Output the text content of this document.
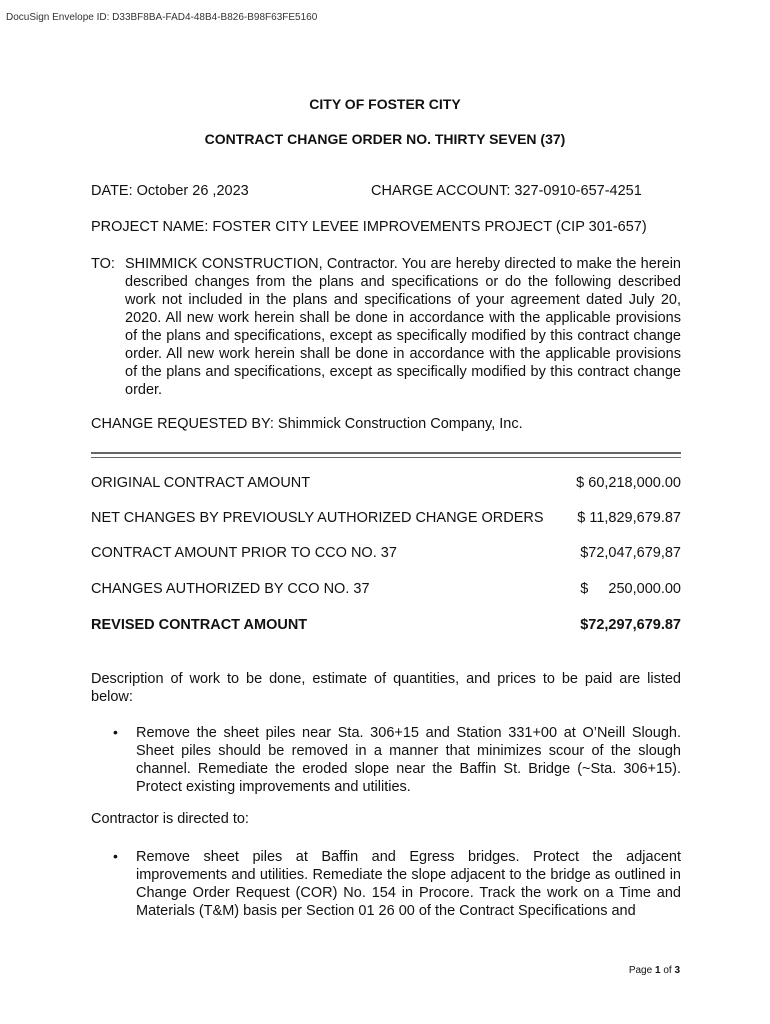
DocuSign Envelope ID: D33BF8BA-FAD4-48B4-B826-B98F63FE5160
CITY OF FOSTER CITY
CONTRACT CHANGE ORDER NO. THIRTY SEVEN (37)
DATE: October 26 ,2023	CHARGE ACCOUNT: 327-0910-657-4251
PROJECT NAME: FOSTER CITY LEVEE IMPROVEMENTS PROJECT (CIP 301-657)
TO: SHIMMICK CONSTRUCTION, Contractor. You are hereby directed to make the herein described changes from the plans and specifications or do the following described work not included in the plans and specifications of your agreement dated July 20, 2020. All new work herein shall be done in accordance with the applicable provisions of the plans and specifications, except as specifically modified by this contract change order. All new work herein shall be done in accordance with the applicable provisions of the plans and specifications, except as specifically modified by this contract change order.
CHANGE REQUESTED BY: Shimmick Construction Company, Inc.
ORIGINAL CONTRACT AMOUNT	$ 60,218,000.00
NET CHANGES BY PREVIOUSLY AUTHORIZED CHANGE ORDERS $ 11,829,679.87
CONTRACT AMOUNT PRIOR TO CCO NO. 37	$72,047,679,87
CHANGES AUTHORIZED BY CCO NO. 37	$     250,000.00
REVISED CONTRACT AMOUNT	$72,297,679.87
Description of work to be done, estimate of quantities, and prices to be paid are listed below:
• Remove the sheet piles near Sta. 306+15 and Station 331+00 at O’Neill Slough. Sheet piles should be removed in a manner that minimizes scour of the slough channel. Remediate the eroded slope near the Baffin St. Bridge (~Sta. 306+15). Protect existing improvements and utilities.
Contractor is directed to:
• Remove sheet piles at Baffin and Egress bridges. Protect the adjacent improvements and utilities. Remediate the slope adjacent to the bridge as outlined in Change Order Request (COR) No. 154 in Procore. Track the work on a Time and Materials (T&M) basis per Section 01 26 00 of the Contract Specifications and
Page 1 of 3
